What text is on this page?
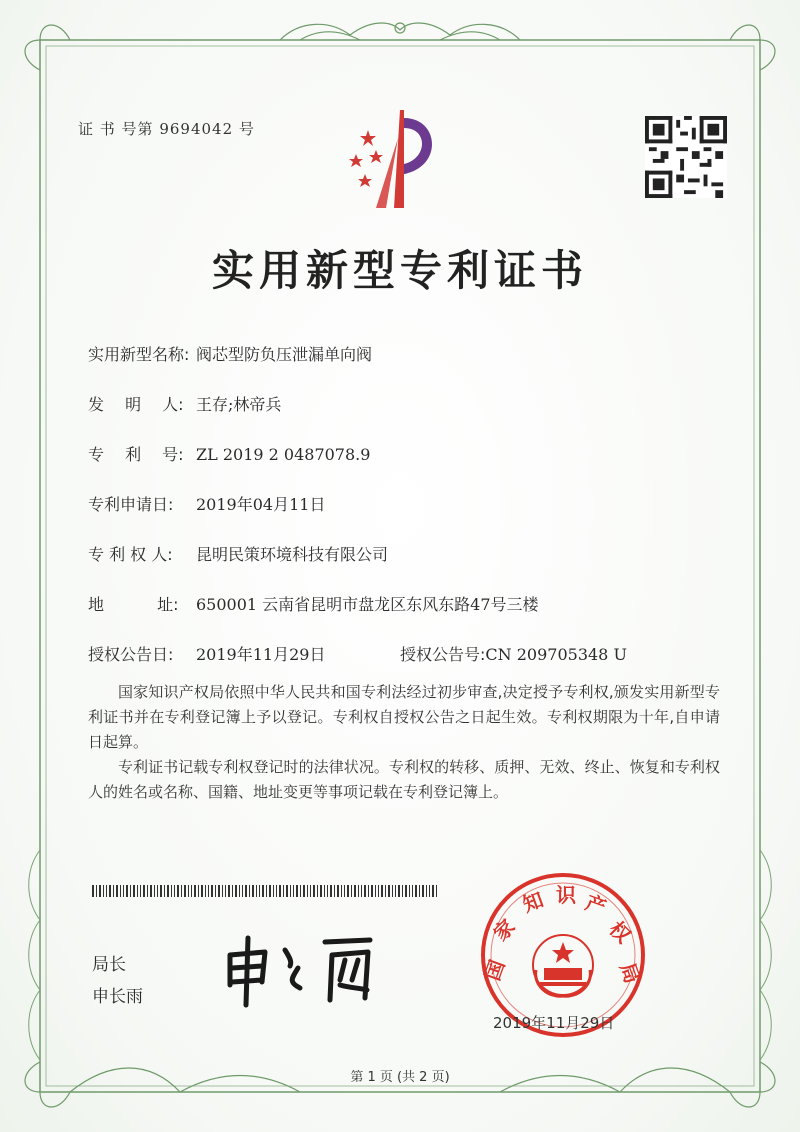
证 书 号第 9694042 号
实用新型专利证书
实用新型名称: 阀芯型防负压泄漏单向阀
发　 明 　人: 王存;林帝兵
专 　利 　号: ZL 2019 2 0487078.9
专利申请日: 2019年04月11日
专 利 权 人: 昆明民策环境科技有限公司
地 　　　址: 650001 云南省昆明市盘龙区东风东路47号三楼
授权公告日: 2019年11月29日	授权公告号:CN 209705348 U
国家知识产权局依照中华人民共和国专利法经过初步审查,决定授予专利权,颁发实用新型专利证书并在专利登记簿上予以登记。专利权自授权公告之日起生效。专利权期限为十年,自申请日起算。
专利证书记载专利权登记时的法律状况。专利权的转移、质押、无效、终止、恢复和专利权人的姓名或名称、国籍、地址变更等事项记载在专利登记簿上。
局长
申长雨
国
家
知 识 产
权
局
2019年11月29日
第 1 页 (共 2 页)
